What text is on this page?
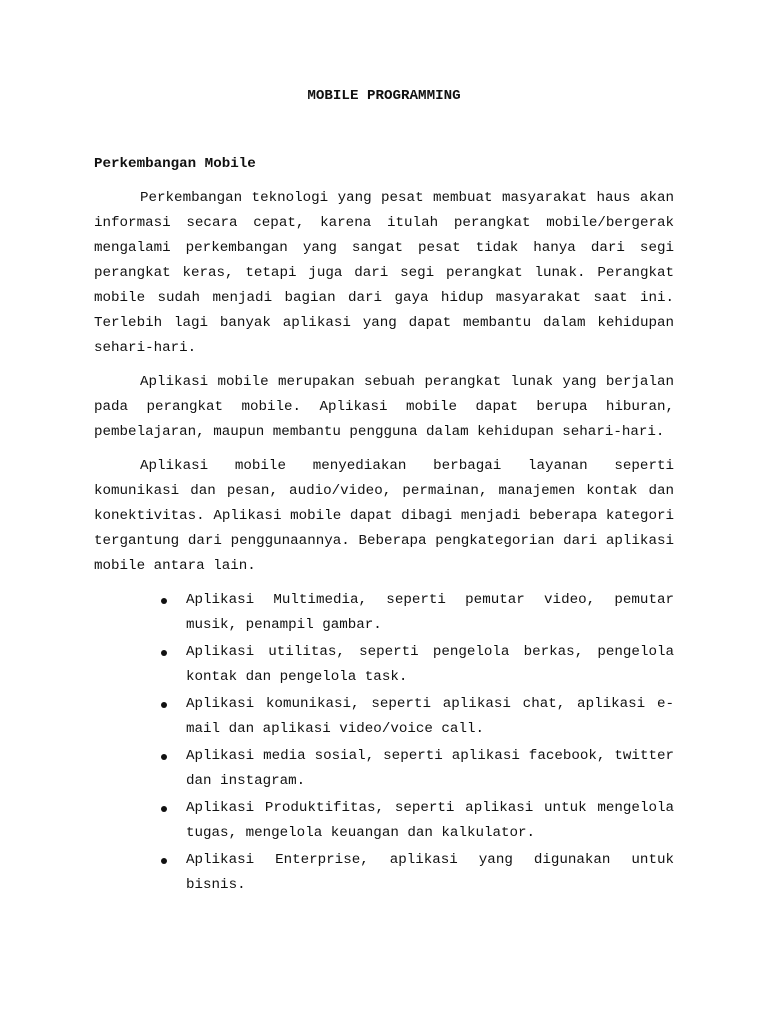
MOBILE PROGRAMMING
Perkembangan Mobile

Perkembangan teknologi yang pesat membuat masyarakat haus akan informasi secara cepat, karena itulah perangkat mobile/bergerak mengalami perkembangan yang sangat pesat tidak hanya dari segi perangkat keras, tetapi juga dari segi perangkat lunak. Perangkat mobile sudah menjadi bagian dari gaya hidup masyarakat saat ini. Terlebih lagi banyak aplikasi yang dapat membantu dalam kehidupan sehari-hari.

Aplikasi mobile merupakan sebuah perangkat lunak yang berjalan pada perangkat mobile. Aplikasi mobile dapat berupa hiburan, pembelajaran, maupun membantu pengguna dalam kehidupan sehari-hari.

Aplikasi mobile menyediakan berbagai layanan seperti komunikasi dan pesan, audio/video, permainan, manajemen kontak dan konektivitas. Aplikasi mobile dapat dibagi menjadi beberapa kategori tergantung dari penggunaannya. Beberapa pengkategorian dari aplikasi mobile antara lain.

Aplikasi Multimedia, seperti pemutar video, pemutar musik, penampil gambar.
Aplikasi utilitas, seperti pengelola berkas, pengelola kontak dan pengelola task.
Aplikasi komunikasi, seperti aplikasi chat, aplikasi e-mail dan aplikasi video/voice call.
Aplikasi media sosial, seperti aplikasi facebook, twitter dan instagram.
Aplikasi Produktifitas, seperti aplikasi untuk mengelola tugas, mengelola keuangan dan kalkulator.
Aplikasi Enterprise, aplikasi yang digunakan untuk bisnis.
